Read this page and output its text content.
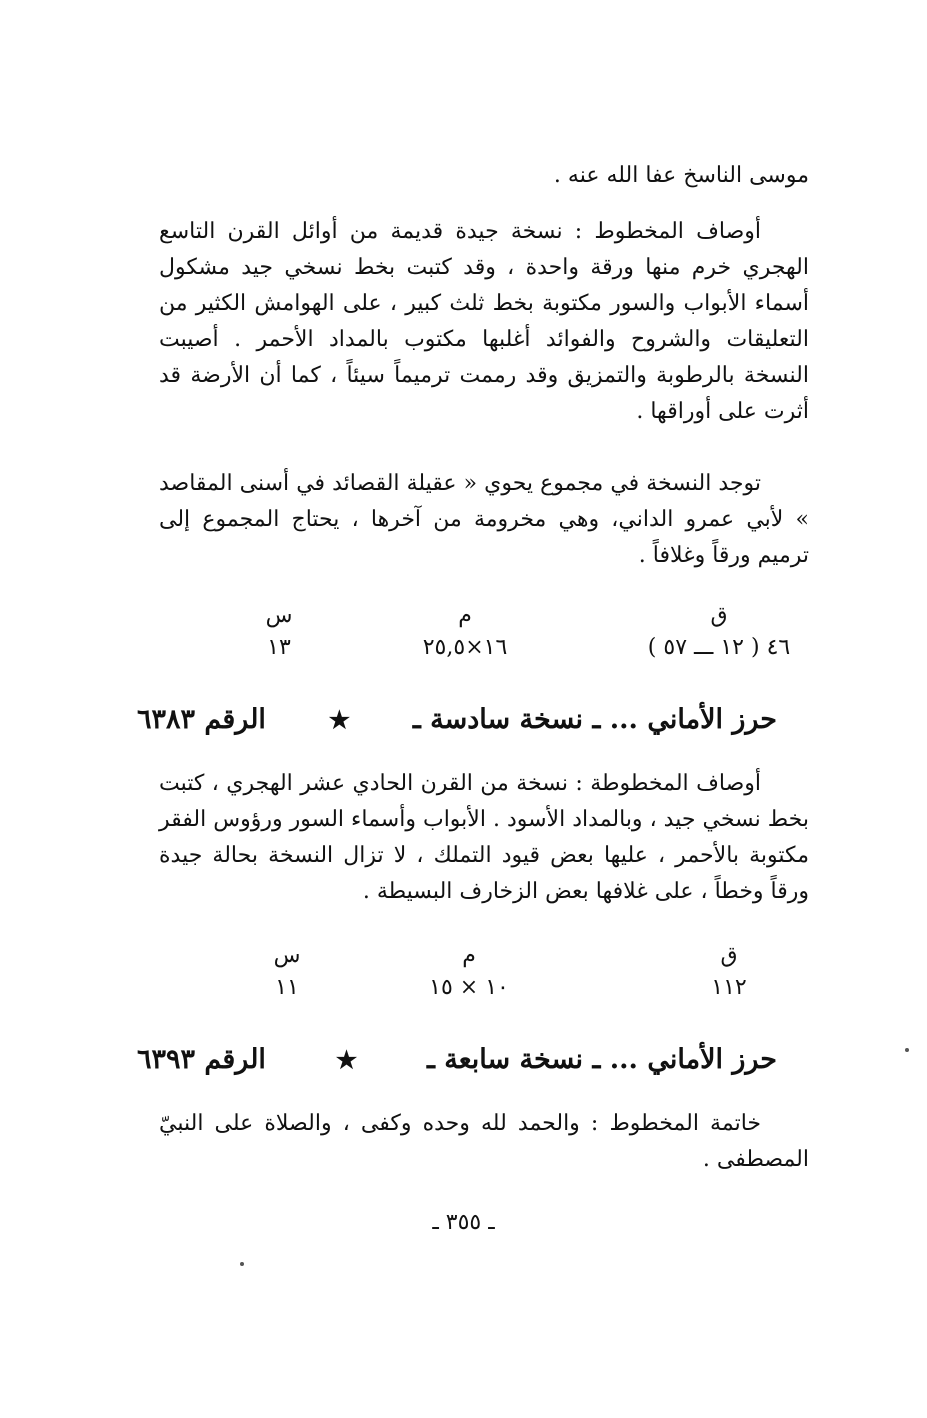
موسى الناسخ عفا الله عنه .
أوصاف المخطوط : نسخة جيدة قديمة من أوائل القرن التاسع الهجري خرم منها ورقة واحدة ، وقد كتبت بخط نسخي جيد مشكول أسماء الأبواب والسور مكتوبة بخط ثلث كبير ، على الهوامش الكثير من التعليقات والشروح والفوائد أغلبها مكتوب بالمداد الأحمر . أصيبت النسخة بالرطوبة والتمزيق وقد رممت ترميماً سيئاً ، كما أن الأرضة قد أثرت على أوراقها .
توجد النسخة في مجموع يحوي « عقيلة القصائد في أسنى المقاصد » لأبي عمرو الداني، وهي مخرومة من آخرها ، يحتاج المجموع إلى ترميم ورقاً وغلافاً .
ق
٤٦ ( ١٢ ـــ ٥٧ )
م
١٦×٢٥,٥
س
١٣
حرز الأماني ... ـ نسخة سادسة ـ
★
الرقم ٦٣٨٣
أوصاف المخطوطة : نسخة من القرن الحادي عشر الهجري ، كتبت بخط نسخي جيد ، وبالمداد الأسود . الأبواب وأسماء السور ورؤوس الفقر مكتوبة بالأحمر ، عليها بعض قيود التملك ، لا تزال النسخة بحالة جيدة ورقاً وخطاً ، على غلافها بعض الزخارف البسيطة .
ق
١١٢
م
١٠ × ١٥
س
١١
حرز الأماني ... ـ نسخة سابعة ـ
★
الرقم ٦٣٩٣
خاتمة المخطوط : والحمد لله وحده وكفى ، والصلاة على النبيّ المصطفى .
ـ ٣٥٥ ـ
